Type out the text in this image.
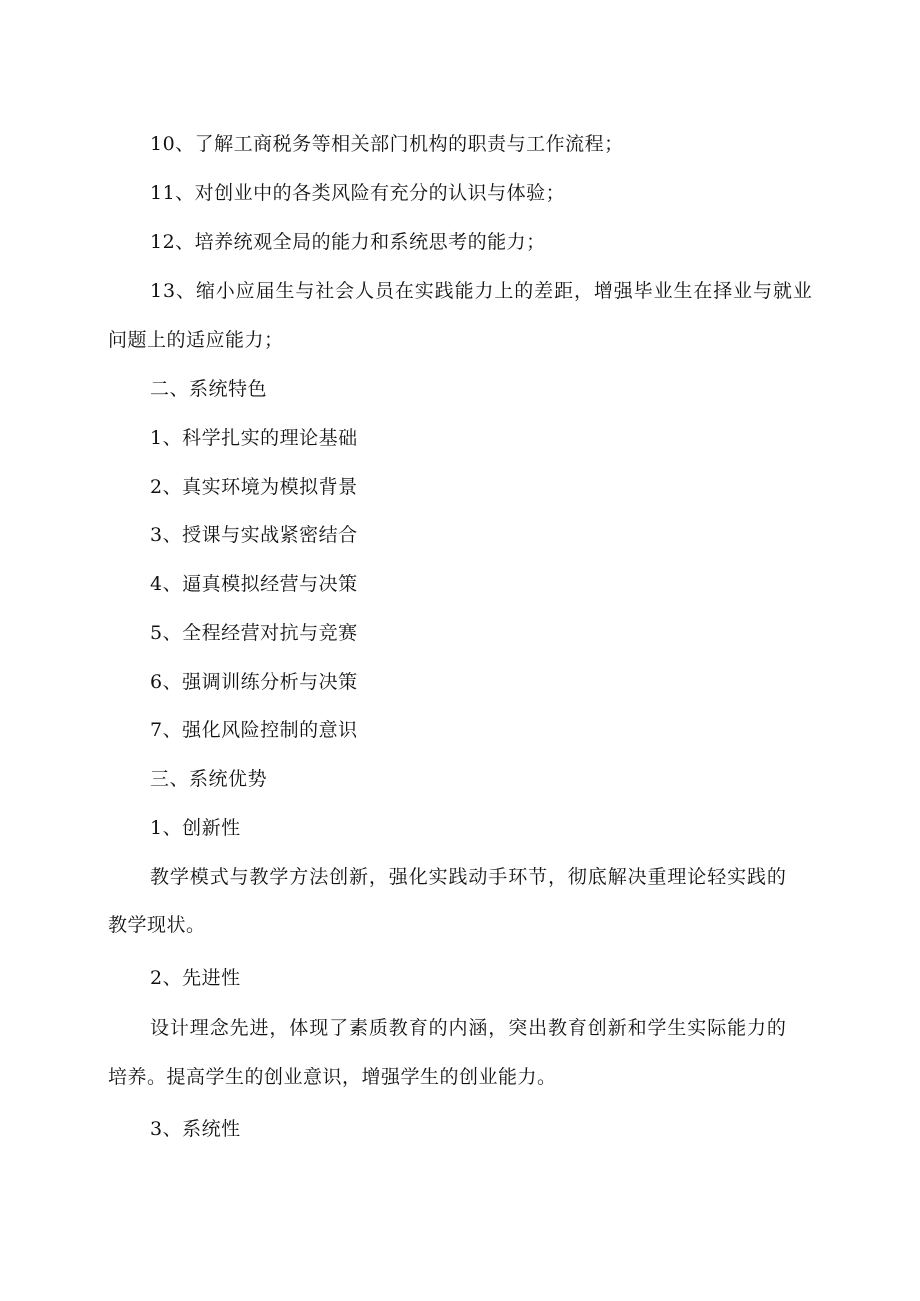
10、了解工商税务等相关部门机构的职责与工作流程；
11、对创业中的各类风险有充分的认识与体验；
12、培养统观全局的能力和系统思考的能力；
13、缩小应届生与社会人员在实践能力上的差距，增强毕业生在择业与就业
问题上的适应能力；
二、系统特色
1、科学扎实的理论基础
2、真实环境为模拟背景
3、授课与实战紧密结合
4、逼真模拟经营与决策
5、全程经营对抗与竞赛
6、强调训练分析与决策
7、强化风险控制的意识
三、系统优势
1、创新性
教学模式与教学方法创新，强化实践动手环节，彻底解决重理论轻实践的
教学现状。
2、先进性
设计理念先进，体现了素质教育的内涵，突出教育创新和学生实际能力的
培养。提高学生的创业意识，增强学生的创业能力。
3、系统性
